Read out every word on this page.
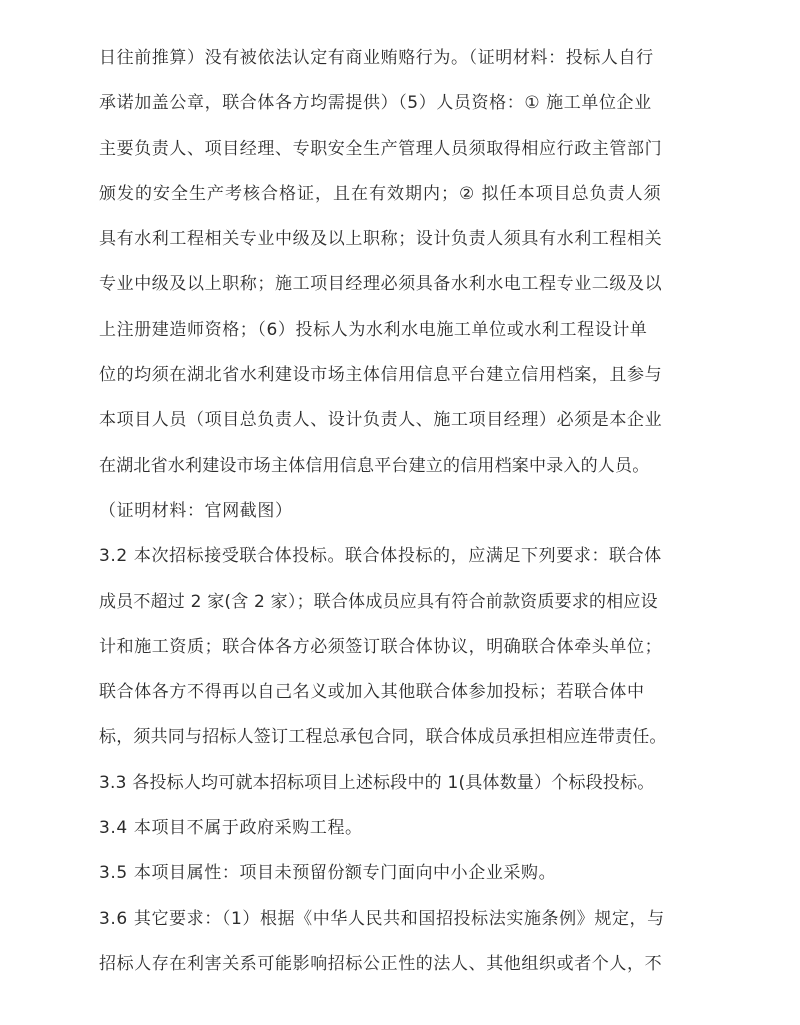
日往前推算）没有被依法认定有商业贿赂行为。（证明材料：投标人自行
承诺加盖公章，联合体各方均需提供）（5）人员资格：① 施工单位企业
主要负责人、项目经理、专职安全生产管理人员须取得相应行政主管部门
颁发的安全生产考核合格证，且在有效期内；② 拟任本项目总负责人须
具有水利工程相关专业中级及以上职称；设计负责人须具有水利工程相关
专业中级及以上职称；施工项目经理必须具备水利水电工程专业二级及以
上注册建造师资格；（6）投标人为水利水电施工单位或水利工程设计单
位的均须在湖北省水利建设市场主体信用信息平台建立信用档案，且参与
本项目人员（项目总负责人、设计负责人、施工项目经理）必须是本企业
在湖北省水利建设市场主体信用信息平台建立的信用档案中录入的人员。
（证明材料：官网截图）
3.2 本次招标接受联合体投标。联合体投标的，应满足下列要求：联合体
成员不超过 2 家(含 2 家）；联合体成员应具有符合前款资质要求的相应设
计和施工资质；联合体各方必须签订联合体协议，明确联合体牵头单位；
联合体各方不得再以自己名义或加入其他联合体参加投标；若联合体中
标，须共同与招标人签订工程总承包合同，联合体成员承担相应连带责任。
3.3 各投标人均可就本招标项目上述标段中的 1(具体数量）个标段投标。
3.4 本项目不属于政府采购工程。
3.5 本项目属性：项目未预留份额专门面向中小企业采购。
3.6 其它要求：（1）根据《中华人民共和国招投标法实施条例》规定，与
招标人存在利害关系可能影响招标公正性的法人、其他组织或者个人，不
